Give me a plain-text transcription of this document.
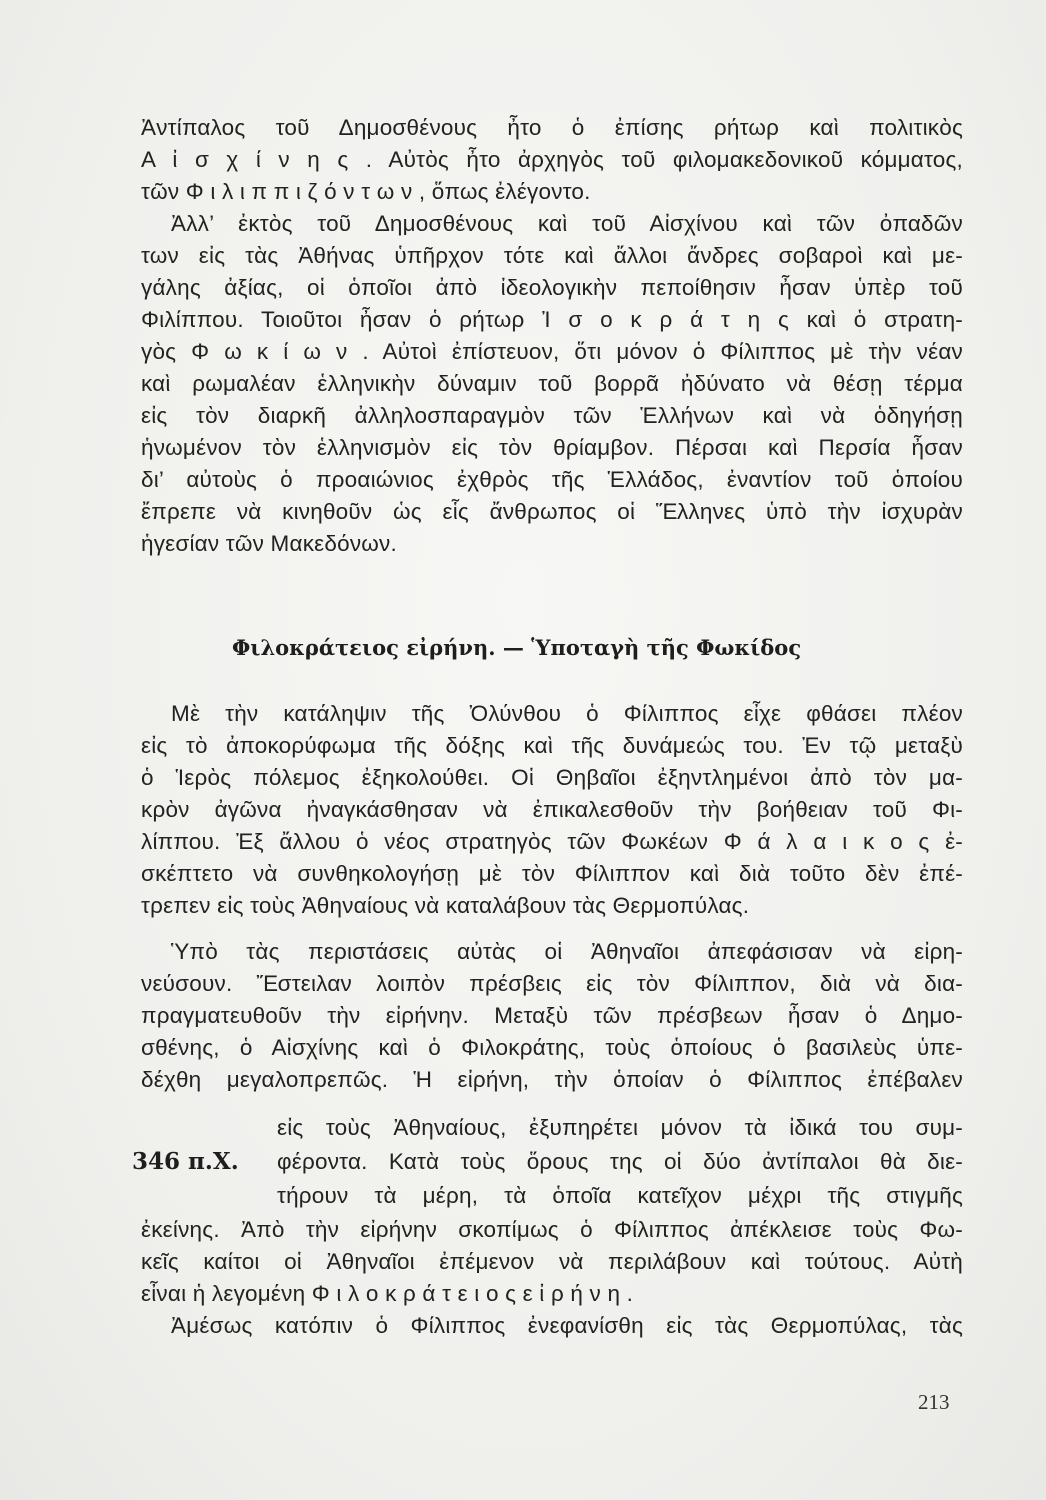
Ἀντίπαλος τοῦ Δημοσθένους ἦτο ὁ ἐπίσης ρήτωρ καὶ πολιτικὸς
Α ἰ σ χ ί ν η ς . Αὐτὸς ἦτο ἀρχηγὸς τοῦ φιλομακεδονικοῦ κόμματος,
τῶν Φ ι λ ι π π ι ζ ό ν τ ω ν , ὅπως ἐλέγοντο.
Ἀλλ’ ἐκτὸς τοῦ Δημοσθένους καὶ τοῦ Αἰσχίνου καὶ τῶν ὀπαδῶν
των εἰς τὰς Ἀθήνας ὑπῆρχον τότε καὶ ἄλλοι ἄνδρες σοβαροὶ καὶ με-
γάλης ἀξίας, οἱ ὁποῖοι ἀπὸ ἰδεολογικὴν πεποίθησιν ἦσαν ὑπὲρ τοῦ
Φιλίππου. Τοιοῦτοι ἦσαν ὁ ρήτωρ Ἰ σ ο κ ρ ά τ η ς καὶ ὁ στρατη-
γὸς Φ ω κ ί ω ν . Αὐτοὶ ἐπίστευον, ὅτι μόνον ὁ Φίλιππος μὲ τὴν νέαν
καὶ ρωμαλέαν ἑλληνικὴν δύναμιν τοῦ βορρᾶ ἠδύνατο νὰ θέσῃ τέρμα
εἰς τὸν διαρκῆ ἀλληλοσπαραγμὸν τῶν Ἑλλήνων καὶ νὰ ὁδηγήσῃ
ἡνωμένον τὸν ἑλληνισμὸν εἰς τὸν θρίαμβον. Πέρσαι καὶ Περσία ἦσαν
δι’ αὐτοὺς ὁ προαιώνιος ἐχθρὸς τῆς Ἑλλάδος, ἐναντίον τοῦ ὁποίου
ἔπρεπε νὰ κινηθοῦν ὡς εἷς ἄνθρωπος οἱ Ἕλληνες ὑπὸ τὴν ἰσχυρὰν
ἡγεσίαν τῶν Μακεδόνων.
Φιλοκράτειος εἰρήνη. — Ὑποταγὴ τῆς Φωκίδος
Μὲ τὴν κατάληψιν τῆς Ὀλύνθου ὁ Φίλιππος εἶχε φθάσει πλέον
εἰς τὸ ἀποκορύφωμα τῆς δόξης καὶ τῆς δυνάμεώς του. Ἐν τῷ μεταξὺ
ὁ Ἱερὸς πόλεμος ἐξηκολούθει. Οἱ Θηβαῖοι ἐξηντλημένοι ἀπὸ τὸν μα-
κρὸν ἀγῶνα ἠναγκάσθησαν νὰ ἐπικαλεσθοῦν τὴν βοήθειαν τοῦ Φι-
λίππου. Ἐξ ἄλλου ὁ νέος στρατηγὸς τῶν Φωκέων Φ ά λ α ι κ ο ς ἐ-
σκέπτετο νὰ συνθηκολογήσῃ μὲ τὸν Φίλιππον καὶ διὰ τοῦτο δὲν ἐπέ-
τρεπεν εἰς τοὺς Ἀθηναίους νὰ καταλάβουν τὰς Θερμοπύλας.
Ὑπὸ τὰς περιστάσεις αὐτὰς οἱ Ἀθηναῖοι ἀπεφάσισαν νὰ εἰρη-
νεύσουν. Ἔστειλαν λοιπὸν πρέσβεις εἰς τὸν Φίλιππον, διὰ νὰ δια-
πραγματευθοῦν τὴν εἰρήνην. Μεταξὺ τῶν πρέσβεων ἦσαν ὁ Δημο-
σθένης, ὁ Αἰσχίνης καὶ ὁ Φιλοκράτης, τοὺς ὁποίους ὁ βασιλεὺς ὑπε-
δέχθη μεγαλοπρεπῶς. Ἡ εἰρήνη, τὴν ὁποίαν ὁ Φίλιππος ἐπέβαλεν
εἰς τοὺς Ἀθηναίους, ἐξυπηρέτει μόνον τὰ ἰδικά του συμ-
φέροντα. Κατὰ τοὺς ὅρους της οἱ δύο ἀντίπαλοι θὰ διε-
τήρουν τὰ μέρη, τὰ ὁποῖα κατεῖχον μέχρι τῆς στιγμῆς
346 π.Χ.
ἐκείνης. Ἀπὸ τὴν εἰρήνην σκοπίμως ὁ Φίλιππος ἀπέκλεισε τοὺς Φω-
κεῖς καίτοι οἱ Ἀθηναῖοι ἐπέμενον νὰ περιλάβουν καὶ τούτους. Αὐτὴ
εἶναι ἡ λεγομένη Φ ι λ ο κ ρ ά τ ε ι ο ς ε ἰ ρ ή ν η .
Ἀμέσως κατόπιν ὁ Φίλιππος ἐνεφανίσθη εἰς τὰς Θερμοπύλας, τὰς
213
